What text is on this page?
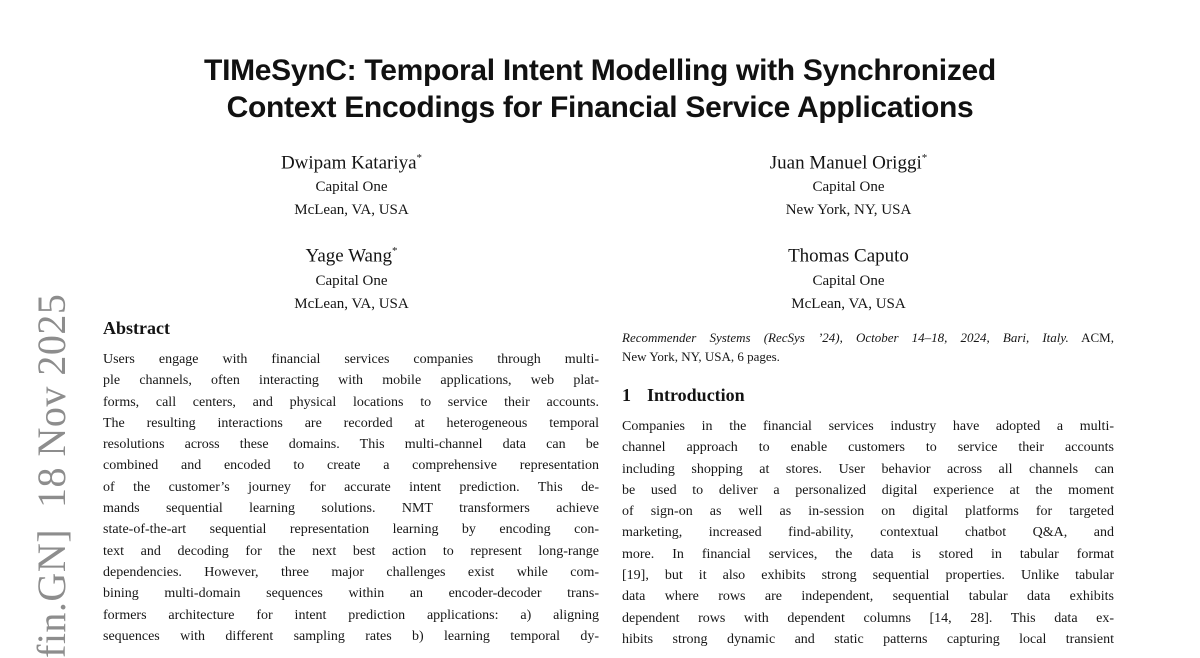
fin.GN]  18 Nov 2025
TIMeSynC: Temporal Intent Modelling with Synchronized
Context Encodings for Financial Service Applications
Dwipam Katariya*
Capital One
McLean, VA, USA
Juan Manuel Origgi*
Capital One
New York, NY, USA
Yage Wang*
Capital One
McLean, VA, USA
Thomas Caputo
Capital One
McLean, VA, USA
Abstract
Users engage with financial services companies through multi-
ple channels, often interacting with mobile applications, web plat-
forms, call centers, and physical locations to service their accounts.
The resulting interactions are recorded at heterogeneous temporal
resolutions across these domains. This multi-channel data can be
combined and encoded to create a comprehensive representation
of the customer’s journey for accurate intent prediction. This de-
mands sequential learning solutions. NMT transformers achieve
state-of-the-art sequential representation learning by encoding con-
text and decoding for the next best action to represent long-range
dependencies. However, three major challenges exist while com-
bining multi-domain sequences within an encoder-decoder trans-
formers architecture for intent prediction applications: a) aligning
sequences with different sampling rates b) learning temporal dy-
Recommender Systems (RecSys ’24), October 14–18, 2024, Bari, Italy. ACM,
New York, NY, USA, 6 pages.
1 Introduction
Companies in the financial services industry have adopted a multi-
channel approach to enable customers to service their accounts
including shopping at stores. User behavior across all channels can
be used to deliver a personalized digital experience at the moment
of sign-on as well as in-session on digital platforms for targeted
marketing, increased find-ability, contextual chatbot Q&A, and
more. In financial services, the data is stored in tabular format
[19], but it also exhibits strong sequential properties. Unlike tabular
data where rows are independent, sequential tabular data exhibits
dependent rows with dependent columns [14, 28]. This data ex-
hibits strong dynamic and static patterns capturing local transient
